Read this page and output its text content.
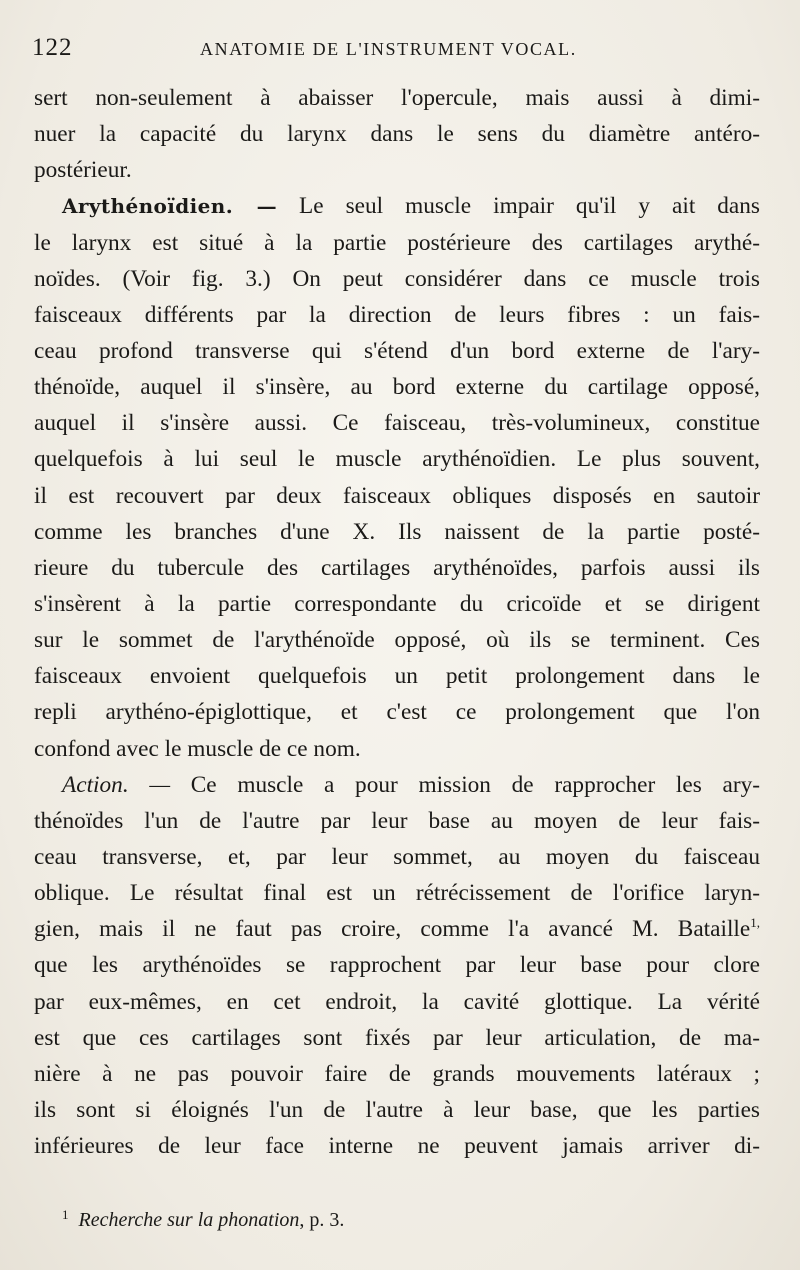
122	ANATOMIE DE L'INSTRUMENT VOCAL.
sert non-seulement à abaisser l'opercule, mais aussi à dimi-
nuer la capacité du larynx dans le sens du diamètre antéro-
postérieur.
Arythénoïdien. — Le seul muscle impair qu'il y ait dans
le larynx est situé à la partie postérieure des cartilages arythé-
noïdes. (Voir fig. 3.) On peut considérer dans ce muscle trois
faisceaux différents par la direction de leurs fibres : un fais-
ceau profond transverse qui s'étend d'un bord externe de l'ary-
thénoïde, auquel il s'insère, au bord externe du cartilage opposé,
auquel il s'insère aussi. Ce faisceau, très-volumineux, constitue
quelquefois à lui seul le muscle arythénoïdien. Le plus souvent,
il est recouvert par deux faisceaux obliques disposés en sautoir
comme les branches d'une X. Ils naissent de la partie posté-
rieure du tubercule des cartilages arythénoïdes, parfois aussi ils
s'insèrent à la partie correspondante du cricoïde et se dirigent
sur le sommet de l'arythénoïde opposé, où ils se terminent. Ces
faisceaux envoient quelquefois un petit prolongement dans le
repli arythéno-épiglottique, et c'est ce prolongement que l'on
confond avec le muscle de ce nom.
Action. — Ce muscle a pour mission de rapprocher les ary-
thénoïdes l'un de l'autre par leur base au moyen de leur fais-
ceau transverse, et, par leur sommet, au moyen du faisceau
oblique. Le résultat final est un rétrécissement de l'orifice laryn-
gien, mais il ne faut pas croire, comme l'a avancé M. Bataille$^{1,}$
que les arythénoïdes se rapprochent par leur base pour clore
par eux-mêmes, en cet endroit, la cavité glottique. La vérité
est que ces cartilages sont fixés par leur articulation, de ma-
nière à ne pas pouvoir faire de grands mouvements latéraux ;
ils sont si éloignés l'un de l'autre à leur base, que les parties
inférieures de leur face interne ne peuvent jamais arriver di-
$^1$ Recherche sur la phonation, p. 3.
